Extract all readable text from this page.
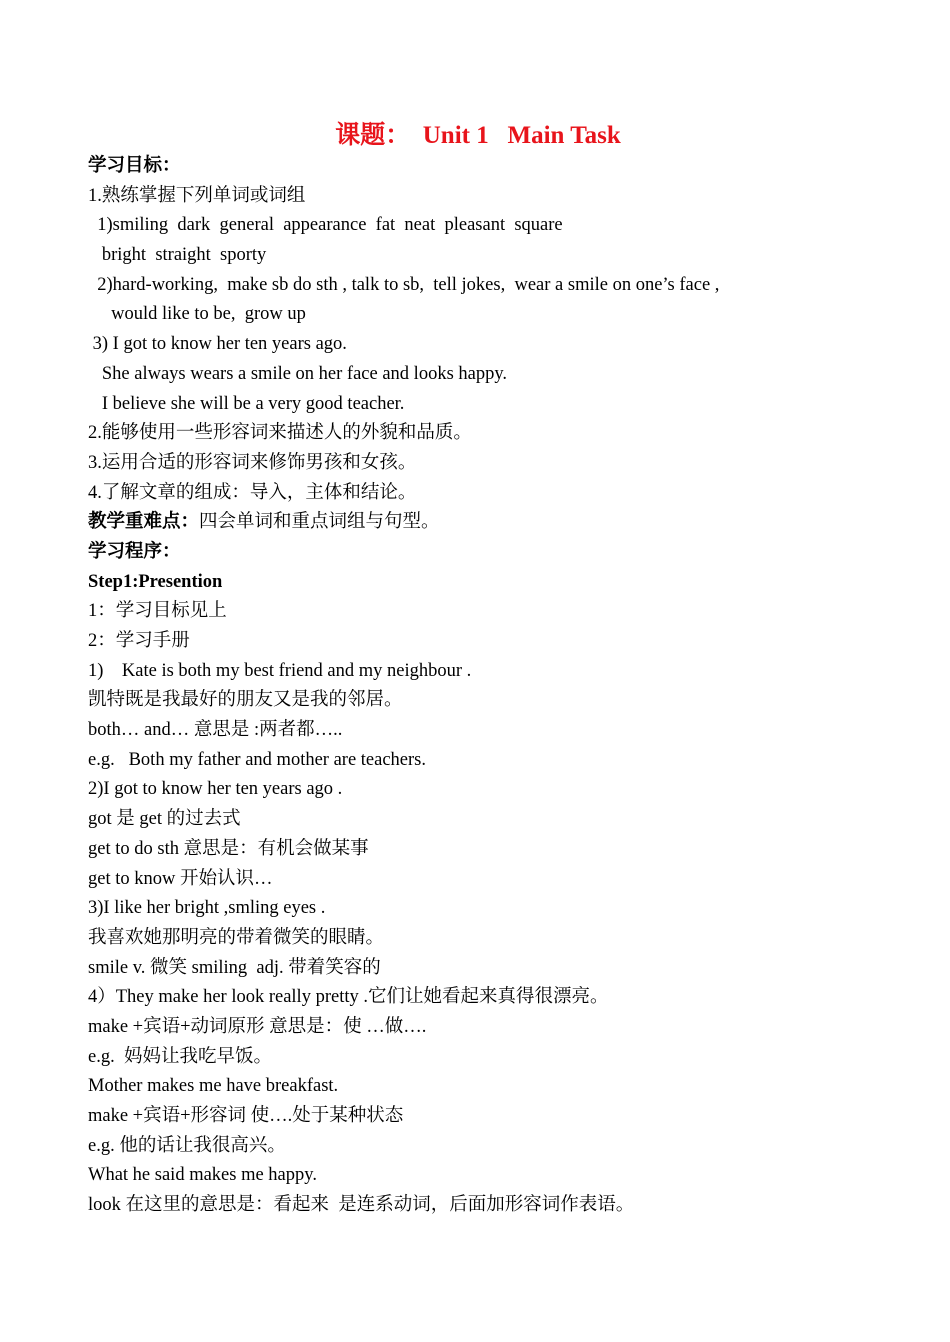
课题：  Unit 1   Main Task
学习目标：
1.熟练掌握下列单词或词组
1)smiling  dark  general  appearance  fat  neat  pleasant  square
bright  straight  sporty
2)hard-working,  make sb do sth , talk to sb,  tell jokes,  wear a smile on one’s face ,
would like to be,  grow up
3) I got to know her ten years ago.
She always wears a smile on her face and looks happy.
I believe she will be a very good teacher.
2.能够使用一些形容词来描述人的外貌和品质。
3.运用合适的形容词来修饰男孩和女孩。
4.了解文章的组成：导入，主体和结论。
教学重难点：四会单词和重点词组与句型。
学习程序：
Step1:Presention
1：学习目标见上
2：学习手册
1)    Kate is both my best friend and my neighbour .
凯特既是我最好的朋友又是我的邻居。
both… and… 意思是 :两者都…..
e.g.   Both my father and mother are teachers.
2)I got to know her ten years ago .
got 是 get 的过去式
get to do sth 意思是：有机会做某事
get to know 开始认识…
3)I like her bright ,smling eyes .
我喜欢她那明亮的带着微笑的眼睛。
smile v. 微笑 smiling  adj. 带着笑容的
4）They make her look really pretty .它们让她看起来真得很漂亮。
make +宾语+动词原形 意思是：使 …做….
e.g.  妈妈让我吃早饭。
Mother makes me have breakfast.
make +宾语+形容词 使….处于某种状态
e.g. 他的话让我很高兴。
What he said makes me happy.
look 在这里的意思是：看起来  是连系动词，后面加形容词作表语。
